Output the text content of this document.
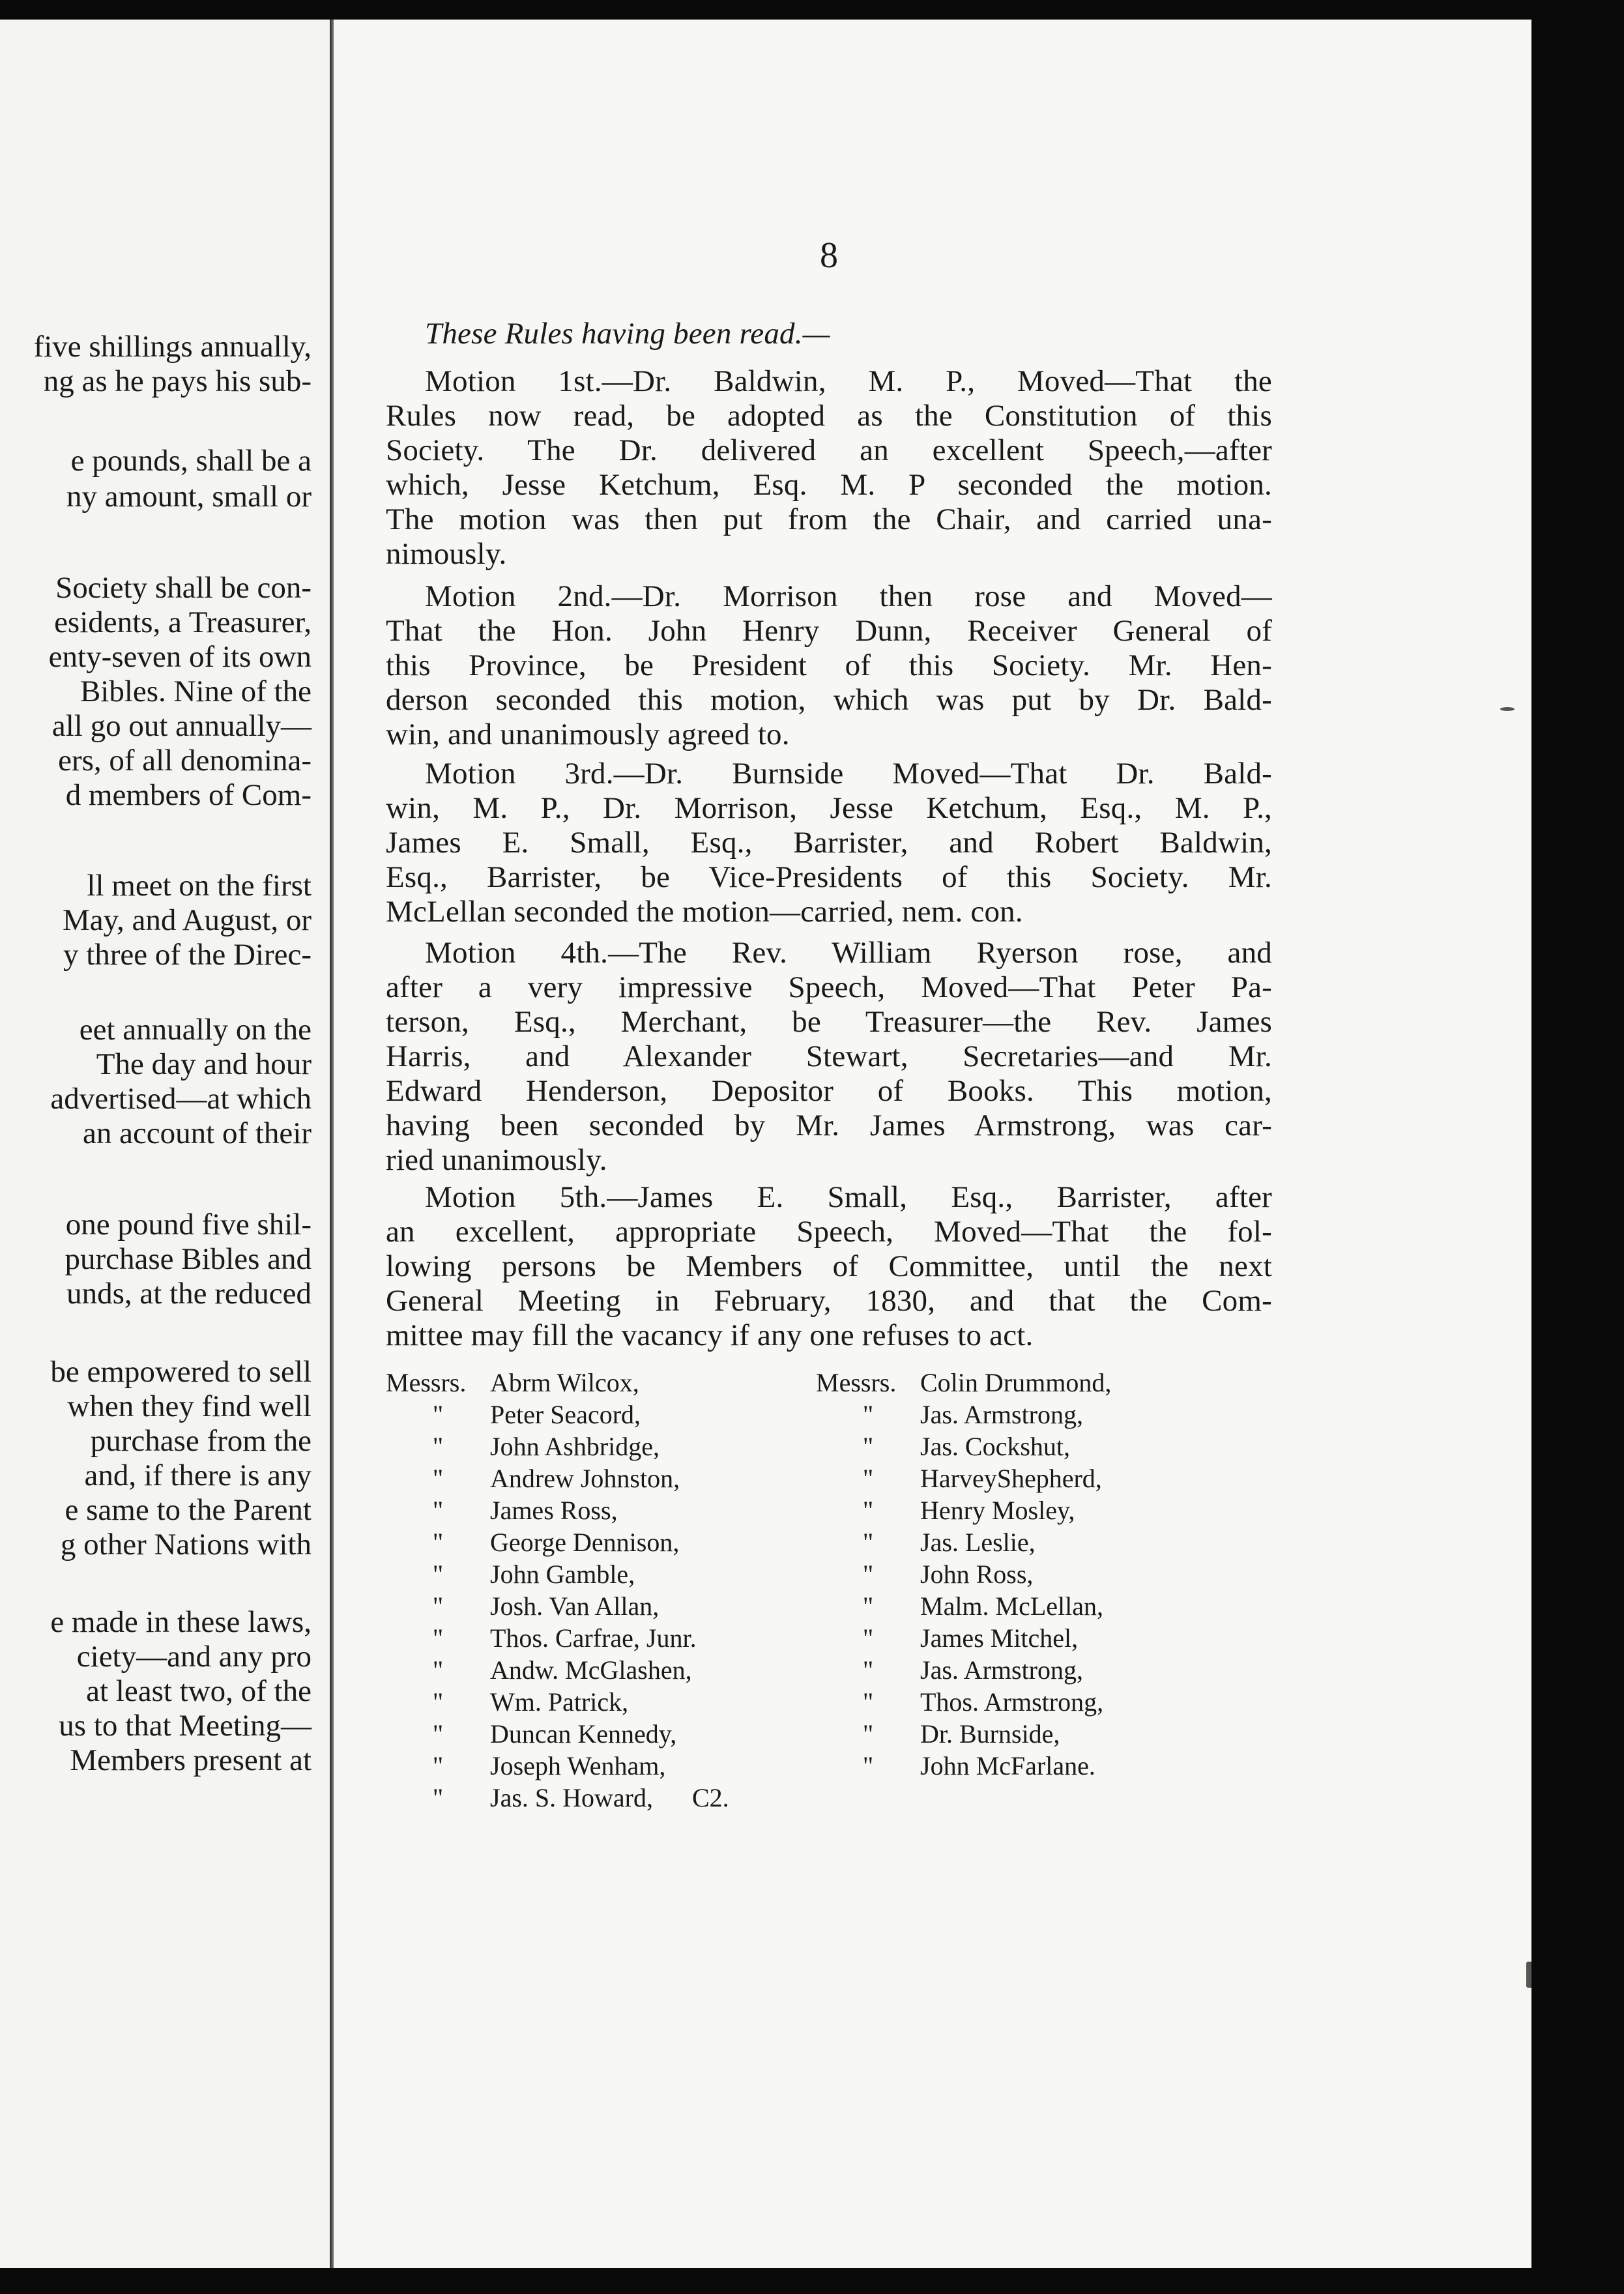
five shillings annually,
ng as he pays his sub-
e pounds, shall be a
ny amount, small or
Society shall be con-
esidents, a Treasurer,
enty-seven of its own
Bibles. Nine of the
all go out annually—
ers, of all denomina-
d members of Com-
ll meet on the first
May, and August, or
y three of the Direc-
eet annually on the
The day and hour
advertised—at which
an account of their
one pound five shil-
purchase Bibles and
unds, at the reduced
be empowered to sell
when they find well
purchase from the
and, if there is any
e same to the Parent
g other Nations with
e made in these laws,
ciety—and any pro
at least two, of the
us to that Meeting—
Members present at
8
These Rules having been read.—
Motion 1st.—Dr. Baldwin, M. P., Moved—That the
Rules now read, be adopted as the Constitution of this
Society. The Dr. delivered an excellent Speech,—after
which, Jesse Ketchum, Esq. M. P seconded the motion.
The motion was then put from the Chair, and carried una-
nimously.
Motion 2nd.—Dr. Morrison then rose and Moved—
That the Hon. John Henry Dunn, Receiver General of
this Province, be President of this Society. Mr. Hen-
derson seconded this motion, which was put by Dr. Bald-
win, and unanimously agreed to.
Motion 3rd.—Dr. Burnside Moved—That Dr. Bald-
win, M. P., Dr. Morrison, Jesse Ketchum, Esq., M. P.,
James E. Small, Esq., Barrister, and Robert Baldwin,
Esq., Barrister, be Vice-Presidents of this Society. Mr.
McLellan seconded the motion—carried, nem. con.
Motion 4th.—The Rev. William Ryerson rose, and
after a very impressive Speech, Moved—That Peter Pa-
terson, Esq., Merchant, be Treasurer—the Rev. James
Harris, and Alexander Stewart, Secretaries—and Mr.
Edward Henderson, Depositor of Books. This motion,
having been seconded by Mr. James Armstrong, was car-
ried unanimously.
Motion 5th.—James E. Small, Esq., Barrister, after
an excellent, appropriate Speech, Moved—That the fol-
lowing persons be Members of Committee, until the next
General Meeting in February, 1830, and that the Com-
mittee may fill the vacancy if any one refuses to act.
Messrs. Abrm Wilcox,
" Peter Seacord,
" John Ashbridge,
" Andrew Johnston,
" James Ross,
" George Dennison,
" John Gamble,
" Josh. Van Allan,
" Thos. Carfrae, Junr.
" Andw. McGlashen,
" Wm. Patrick,
" Duncan Kennedy,
" Joseph Wenham,
" Jas. S. Howard, C2.
Messrs. Colin Drummond,
" Jas. Armstrong,
" Jas. Cockshut,
" HarveyShepherd,
" Henry Mosley,
" Jas. Leslie,
" John Ross,
" Malm. McLellan,
" James Mitchel,
" Jas. Armstrong,
" Thos. Armstrong,
" Dr. Burnside,
" John McFarlane.
